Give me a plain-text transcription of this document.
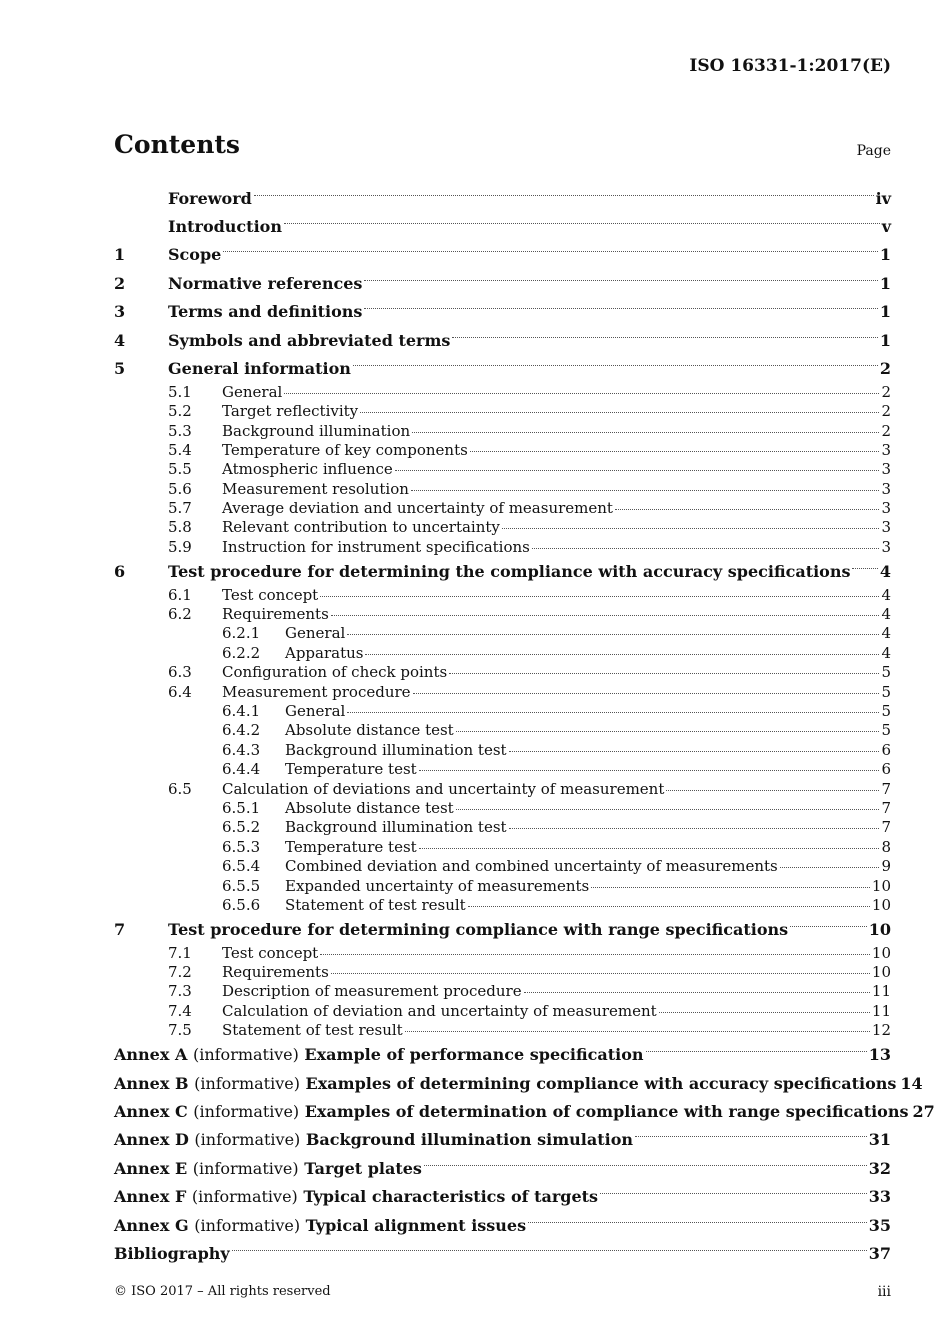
ISO 16331-1:2017(E)
Contents	Page
Foreword	iv
Introduction	v
1	Scope	1
2	Normative references	1
3	Terms and definitions	1
4	Symbols and abbreviated terms	1
5	General information	2
5.1	General	2
5.2	Target reflectivity	2
5.3	Background illumination	2
5.4	Temperature of key components	3
5.5	Atmospheric influence	3
5.6	Measurement resolution	3
5.7	Average deviation and uncertainty of measurement	3
5.8	Relevant contribution to uncertainty	3
5.9	Instruction for instrument specifications	3
6	Test procedure for determining the compliance with accuracy specifications 4
6.1	Test concept	4
6.2	Requirements	4
6.2.1	General	4
6.2.2	Apparatus	4
6.3	Configuration of check points	5
6.4	Measurement procedure	5
6.4.1	General	5
6.4.2	Absolute distance test	5
6.4.3	Background illumination test	6
6.4.4	Temperature test	6
6.5	Calculation of deviations and uncertainty of measurement	7
6.5.1	Absolute distance test	7
6.5.2	Background illumination test	7
6.5.3	Temperature test	8
6.5.4	Combined deviation and combined uncertainty of measurements	9
6.5.5	Expanded uncertainty of measurements	10
6.5.6	Statement of test result	10
7	Test procedure for determining compliance with range specifications	10
7.1	Test concept	10
7.2	Requirements	10
7.3	Description of measurement procedure	11
7.4	Calculation of deviation and uncertainty of measurement	11
7.5	Statement of test result	12
Annex A (informative) Example of performance specification	13
Annex B (informative) Examples of determining compliance with accuracy specifications 14
Annex C (informative) Examples of determination of compliance with range specifications 27
Annex D (informative) Background illumination simulation	31
Annex E (informative) Target plates	32
Annex F (informative) Typical characteristics of targets	33
Annex G (informative) Typical alignment issues	35
Bibliography	37
© ISO 2017 – All rights reserved	iii
